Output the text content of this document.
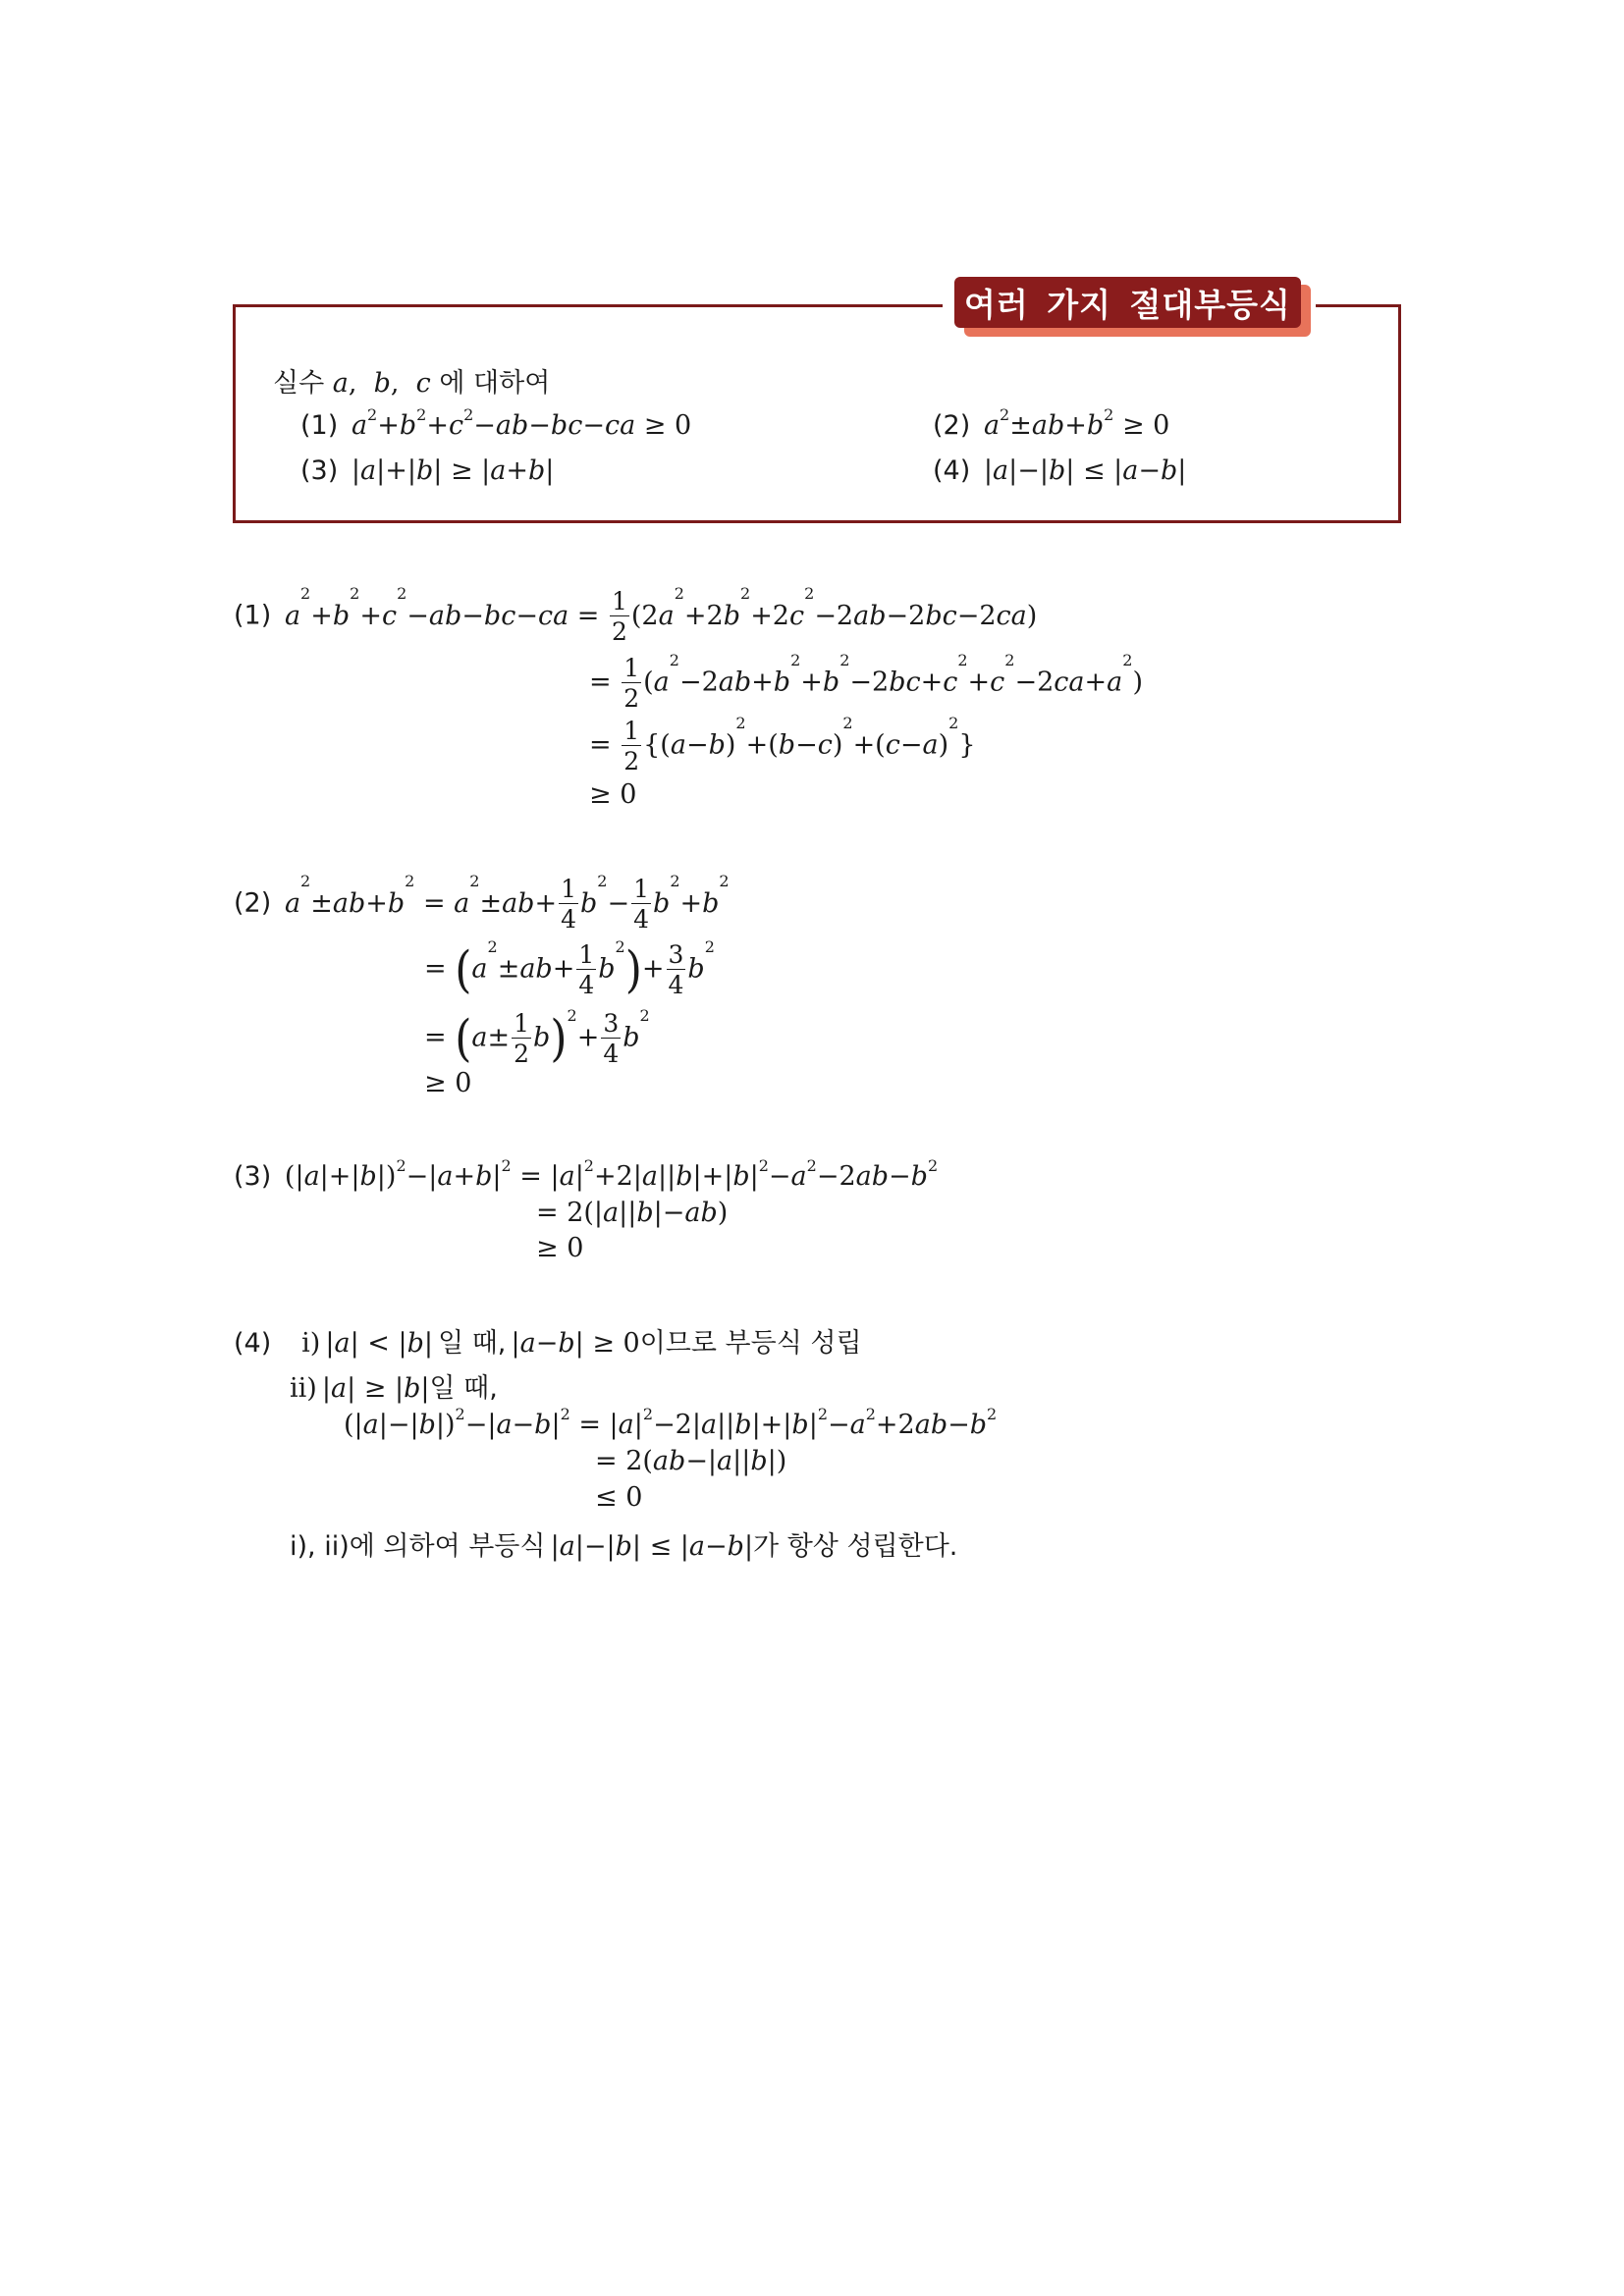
여러 가지 절대부등식
실수 a,  b,  c 에 대하여
(1) $a^2+b^2+c^2-ab-bc-ca \ge 0$	(2) $a^2\pm ab+b^2 \ge 0$
(3)  |a|+|b| ≥ |a+b|	(4)  |a|−|b| ≤ |a−b|
(1) $a^2+b^2+c^2-ab-bc-ca = \frac{1}{2} (2a^2+2b^2+2c^2-2ab-2bc-2ca)$
= $\frac{1}{2} (a^2-2ab+b^2+b^2-2bc+c^2+c^2-2ca+a^2)$
= $\frac{1}{2} \{(a-b)^2+(b-c)^2+(c-a)^2\}$
≥ 0
(2) $a^2\pm ab+b^2 = a^2\pm ab+ \frac{1}{4} b^2- \frac{1}{4} b^2+b^2$
= $(a^2\pm ab+ \frac{1}{4} b^2)+ \frac{3}{4} b^2$
= $(a\pm \frac{1}{2} b)^2+ \frac{3}{4} b^2$
≥ 0
(3)  $(|a|+|b|)^2-|a+b|^2 = |a|^2+2|a||b|+|b|^2-a^2-2ab-b^2$
= 2(|a||b|−ab)
≥ 0
(4) i) |a| < |b| 일 때, |a−b| ≥ 0이므로 부등식 성립
ii) |a| ≥ |b|일 때,
$(|a|-|b|)^2-|a-b|^2 = |a|^2-2|a||b|+|b|^2-a^2+2ab-b^2$
= 2(ab−|a||b|)
≤ 0
i), ii)에 의하여 부등식 |a|−|b| ≤ |a−b|가 항상 성립한다.
